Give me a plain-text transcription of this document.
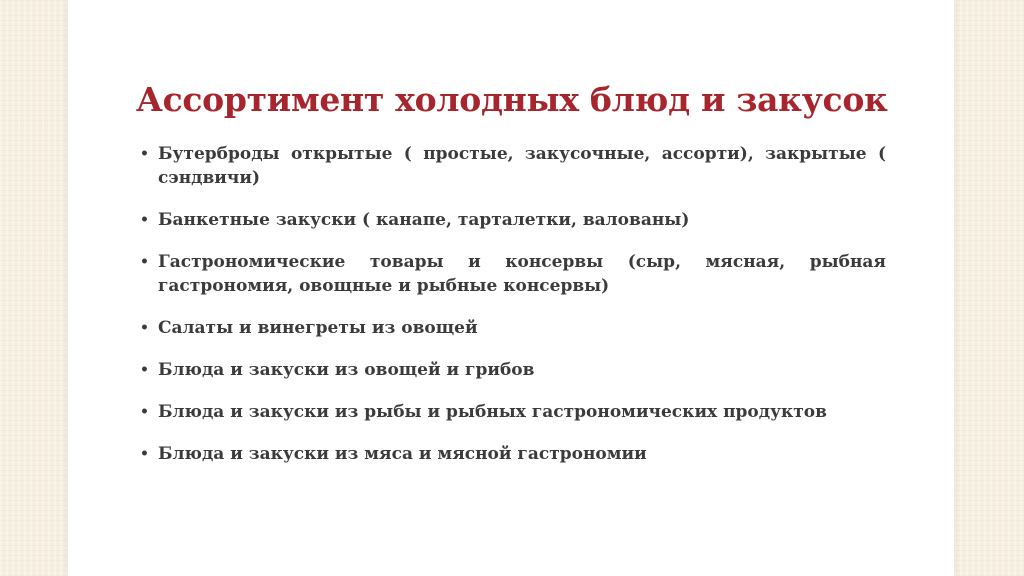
Ассортимент холодных блюд и закусок
• Бутерброды открытые ( простые, закусочные, ассорти), закрытые ( сэндвичи)
• Банкетные закуски ( канапе, тарталетки, валованы)
• Гастрономические товары и консервы (сыр, мясная, рыбная гастрономия, овощные и рыбные консервы)
• Салаты и винегреты из овощей
• Блюда и закуски из овощей и грибов
• Блюда и закуски из рыбы и рыбных гастрономических продуктов
• Блюда и закуски из мяса и мясной гастрономии
